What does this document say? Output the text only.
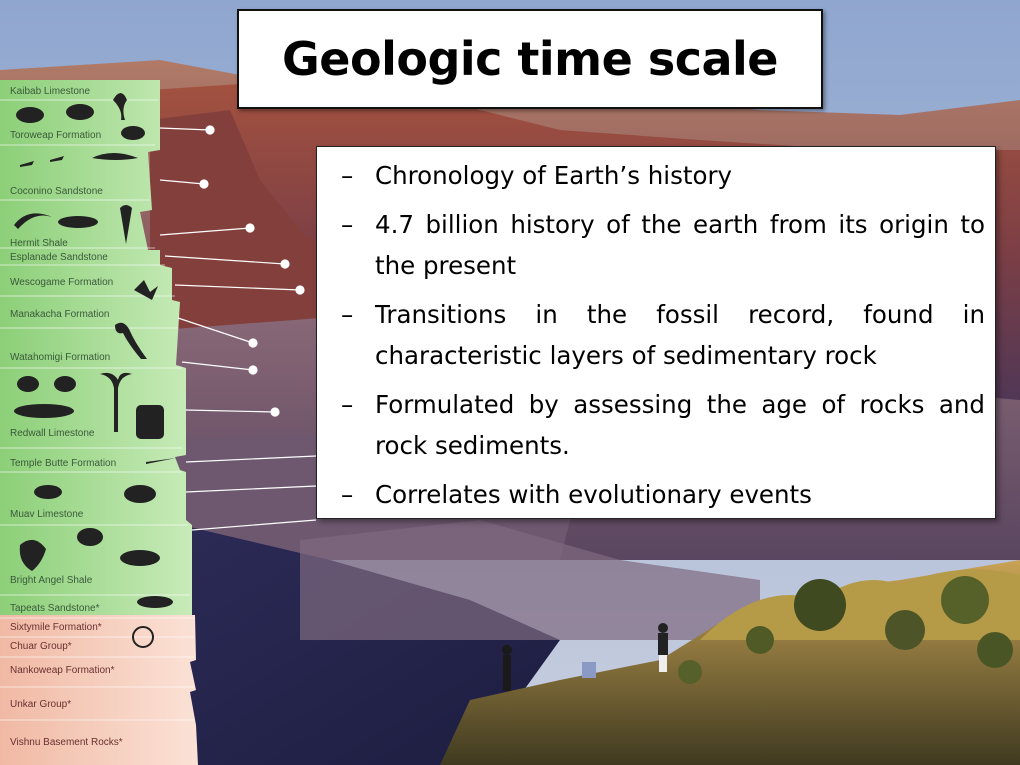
Kaibab Limestone
Toroweap Formation
Coconino Sandstone
Hermit Shale
Esplanade Sandstone
Wescogame Formation
Manakacha Formation
Watahomigi Formation
Redwall Limestone
Temple Butte Formation
Muav Limestone
Bright Angel Shale
Tapeats Sandstone*
Sixtymile Formation*
Chuar Group*
Nankoweap Formation*
Unkar Group*
Vishnu Basement Rocks*
Geologic time scale
– Chronology of Earth’s history
– 4.7 billion history of the earth from its origin to the present
– Transitions in the fossil record, found in characteristic layers of sedimentary rock
– Formulated by assessing the age of rocks and rock sediments.
– Correlates with evolutionary events
